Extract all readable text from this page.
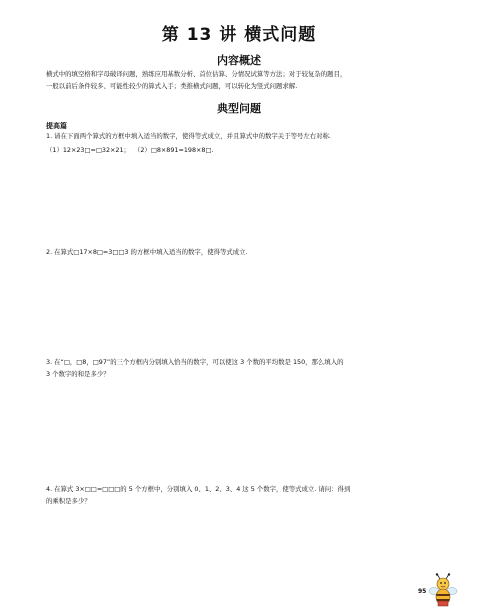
第 13 讲 横式问题
内容概述
横式中的填空格和字母破译问题，熟练应用基数分析、首位估算、分情况试算等方法；对于较复杂的题目，
一般以前后条件较多、可能性较少的算式入手；类推横式问题，可以转化为竖式问题求解.
典型问题
提高篇
1. 请在下面两个算式的方框中填入适当的数字，使得等式成立，并且算式中的数字关于等号左右对称.
（1）12×23□=□32×21；  （2）□8×891=198×8□.
2. 在算式□17×8□=3□□3 的方框中填入适当的数字，使得等式成立.
3. 在“□，□8，□97”的三个方框内分别填入恰当的数字，可以使这 3 个数的平均数是 150，那么填入的
3 个数字的和是多少？
4. 在算式 3×□□=□□□的 5 个方框中，分别填入 0、1、2、3、4 这 5 个数字，使等式成立. 请问：得到
的乘积是多少？
95
